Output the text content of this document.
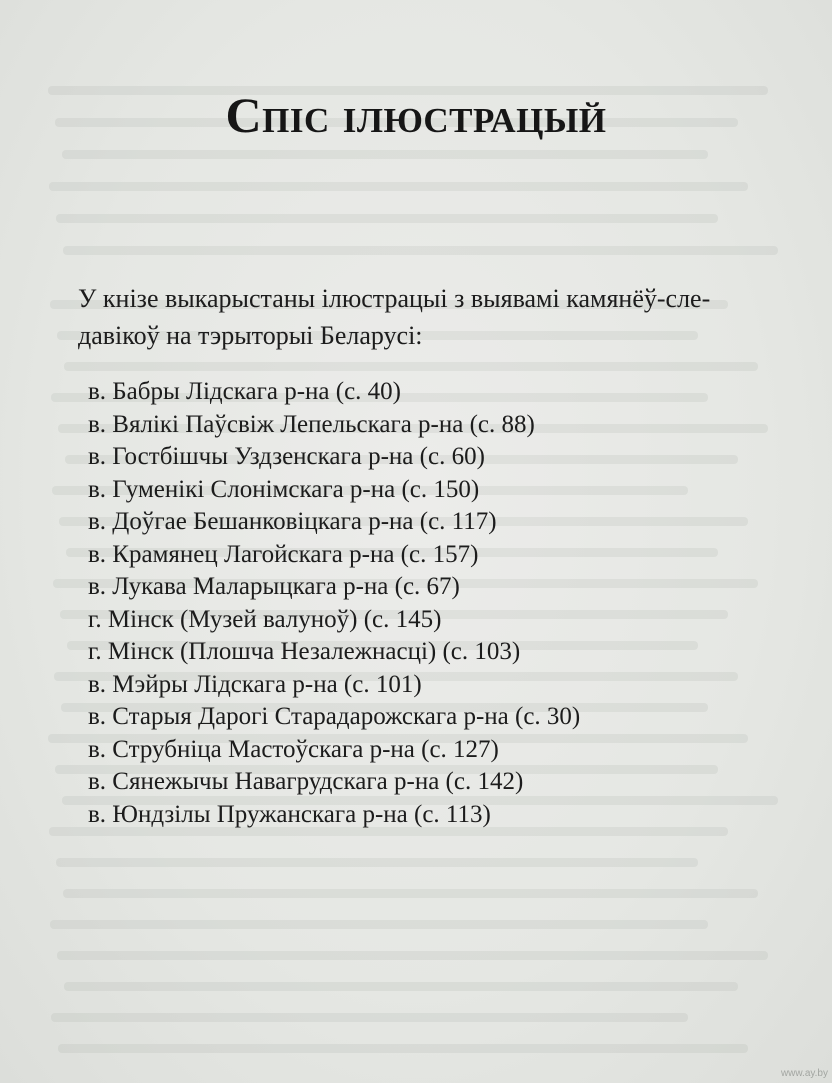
Спіс ілюстрацый
У кнізе выкарыстаны ілюстрацыі з выявамі камянёў-сле-
давікоў на тэрыторыі Беларусі:
в. Бабры Лідскага р-на (с. 40)
в. Вялікі Паўсвіж Лепельскага р-на (с. 88)
в. Гостбішчы Уздзенскага р-на (с. 60)
в. Гуменікі Слонімскага р-на (с. 150)
в. Доўгае Бешанковіцкага р-на (с. 117)
в. Крамянец Лагойскага р-на (с. 157)
в. Лукава Маларыцкага р-на (с. 67)
г. Мінск (Музей валуноў) (с. 145)
г. Мінск (Плошча Незалежнасці) (с. 103)
в. Мэйры Лідскага р-на (с. 101)
в. Старыя Дарогі Старадарожскага р-на (с. 30)
в. Струбніца Мастоўскага р-на (с. 127)
в. Сянежычы Навагрудскага р-на (с. 142)
в. Юндзілы Пружанскага р-на (с. 113)
www.ay.by
